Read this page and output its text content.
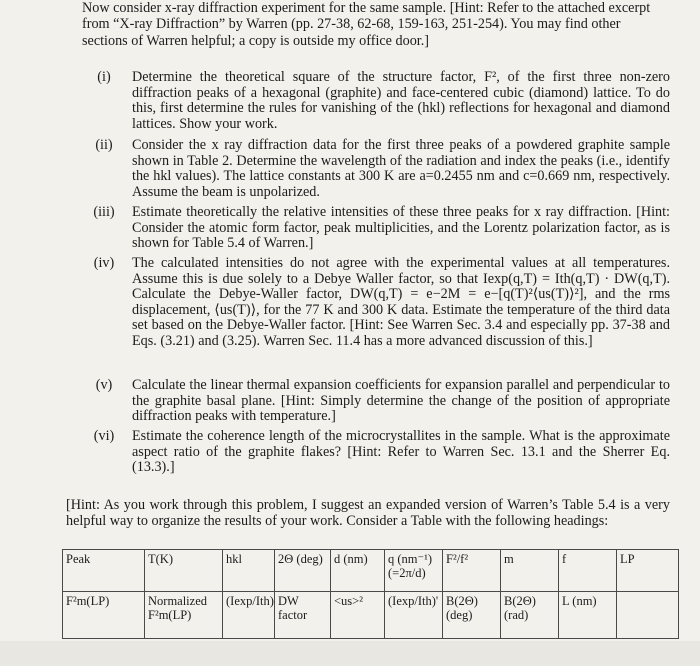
Now consider x-ray diffraction experiment for the same sample. [Hint: Refer to the attached excerpt from “X-ray Diffraction” by Warren (pp. 27-38, 62-68, 159-163, 251-254). You may find other sections of Warren helpful; a copy is outside my office door.]

(i)	Determine the theoretical square of the structure factor, F², of the first three non-zero diffraction peaks of a hexagonal (graphite) and face-centered cubic (diamond) lattice. To do this, first determine the rules for vanishing of the (hkl) reflections for hexagonal and diamond lattices. Show your work.
(ii)	Consider the x ray diffraction data for the first three peaks of a powdered graphite sample shown in Table 2. Determine the wavelength of the radiation and index the peaks (i.e., identify the hkl values). The lattice constants at 300 K are a=0.2455 nm and c=0.669 nm, respectively. Assume the beam is unpolarized.
(iii)	Estimate theoretically the relative intensities of these three peaks for x ray diffraction. [Hint: Consider the atomic form factor, peak multiplicities, and the Lorentz polarization factor, as is shown for Table 5.4 of Warren.]
(iv)	The calculated intensities do not agree with the experimental values at all temperatures. Assume this is due solely to a Debye Waller factor, so that Iexp(q,T) = Ith(q,T) · DW(q,T). Calculate the Debye-Waller factor, DW(q,T) = e−2M = e−[q(T)²⟨us(T)⟩²], and the rms displacement, ⟨us(T)⟩, for the 77 K and 300 K data. Estimate the temperature of the third data set based on the Debye-Waller factor. [Hint: See Warren Sec. 3.4 and especially pp. 37-38 and Eqs. (3.21) and (3.25). Warren Sec. 11.4 has a more advanced discussion of this.]
(v)	Calculate the linear thermal expansion coefficients for expansion parallel and perpendicular to the graphite basal plane. [Hint: Simply determine the change of the position of appropriate diffraction peaks with temperature.]
(vi)	Estimate the coherence length of the microcrystallites in the sample. What is the approximate aspect ratio of the graphite flakes? [Hint: Refer to Warren Sec. 13.1 and the Sherrer Eq. (13.3).]

[Hint: As you work through this problem, I suggest an expanded version of Warren’s Table 5.4 is a very helpful way to organize the results of your work. Consider a Table with the following headings:

Peak	T(K)	hkl	2Θ (deg)	d (nm)	q (nm⁻¹) (=2π/d)	F²/f²	m	f	LP
F²m(LP)	Normalized F²m(LP)	(Iexp/Ith)	DW factor	<us>²	(Iexp/Ith)'	B(2Θ) (deg)	B(2Θ) (rad)	L (nm)	
